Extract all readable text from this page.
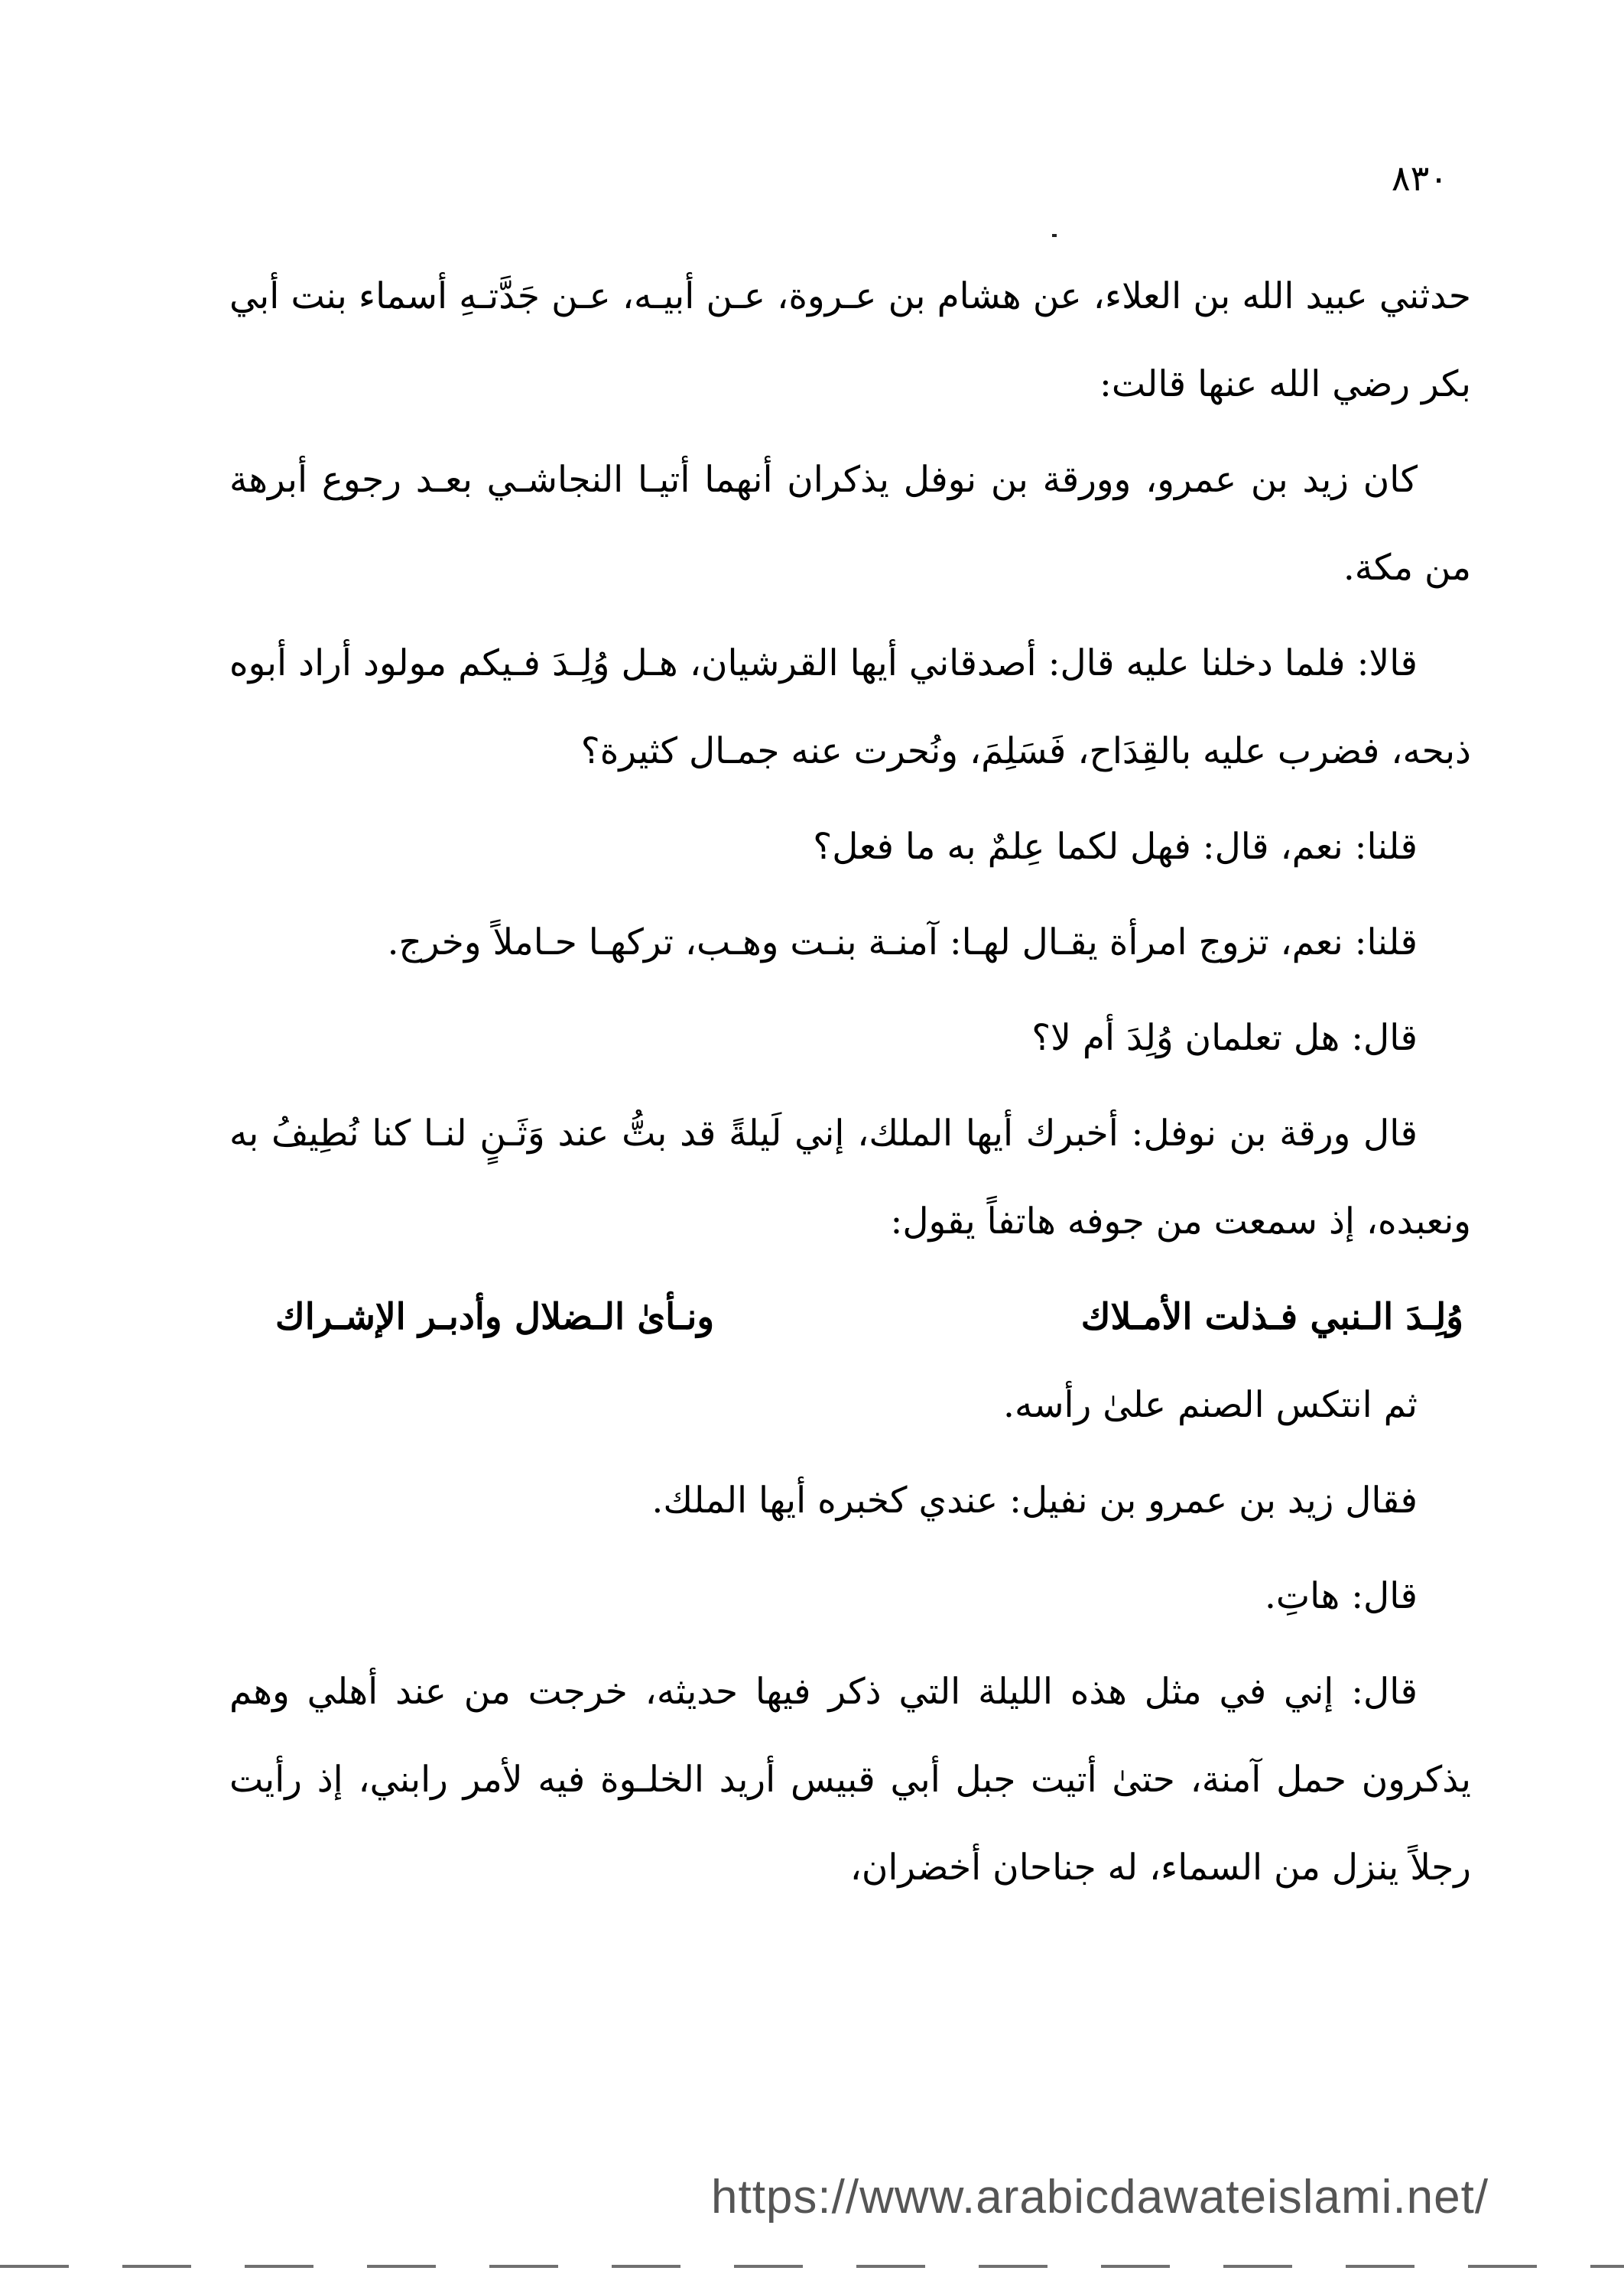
٨٣٠

حدثني عبيد الله بن العلاء، عن هشام بن عـروة، عـن أبيـه، عـن جَدَّتـهِ أسماء بنت أبي بكر رضي الله عنها قالت:

كان زيد بن عمرو، وورقة بن نوفل يذكران أنهما أتيـا النجاشـي بعـد رجوع أبرهة من مكة.

قالا: فلما دخلنا عليه قال: أصدقاني أيها القرشيان، هـل وُلِـدَ فـيكم مولود أراد أبوه ذبحه، فضرب عليه بالقِدَاح، فَسَلِمَ، ونُحرت عنه جمـال كثيرة؟

قلنا: نعم، قال: فهل لكما عِلمٌ به ما فعل؟

قلنا: نعم، تزوج امرأة يقـال لهـا: آمنـة بنـت وهـب، تركهـا حـاملاً وخرج.

قال: هل تعلمان وُلِدَ أم لا؟

قال ورقة بن نوفل: أخبرك أيها الملك، إني لَيلةً قد بتُّ عند وَثَـنٍ لنـا كنا نُطِيفُ به ونعبده، إذ سمعت من جوفه هاتفاً يقول:

وُلِـدَ الـنبي فـذلت الأمـلاك
ونـأىٰ الـضلال وأدبـر الإشـراك

ثم انتكس الصنم علىٰ رأسه.

فقال زيد بن عمرو بن نفيل: عندي كخبره أيها الملك.

قال: هاتِ.

قال: إني في مثل هذه الليلة التي ذكر فيها حديثه، خرجت من عند أهلي وهم يذكرون حمل آمنة، حتىٰ أتيت جبل أبي قبيس أريد الخلـوة فيه لأمر رابني، إذ رأيت رجلاً ينزل من السماء، له جناحان أخضران،

https://www.arabicdawateislami.net/
